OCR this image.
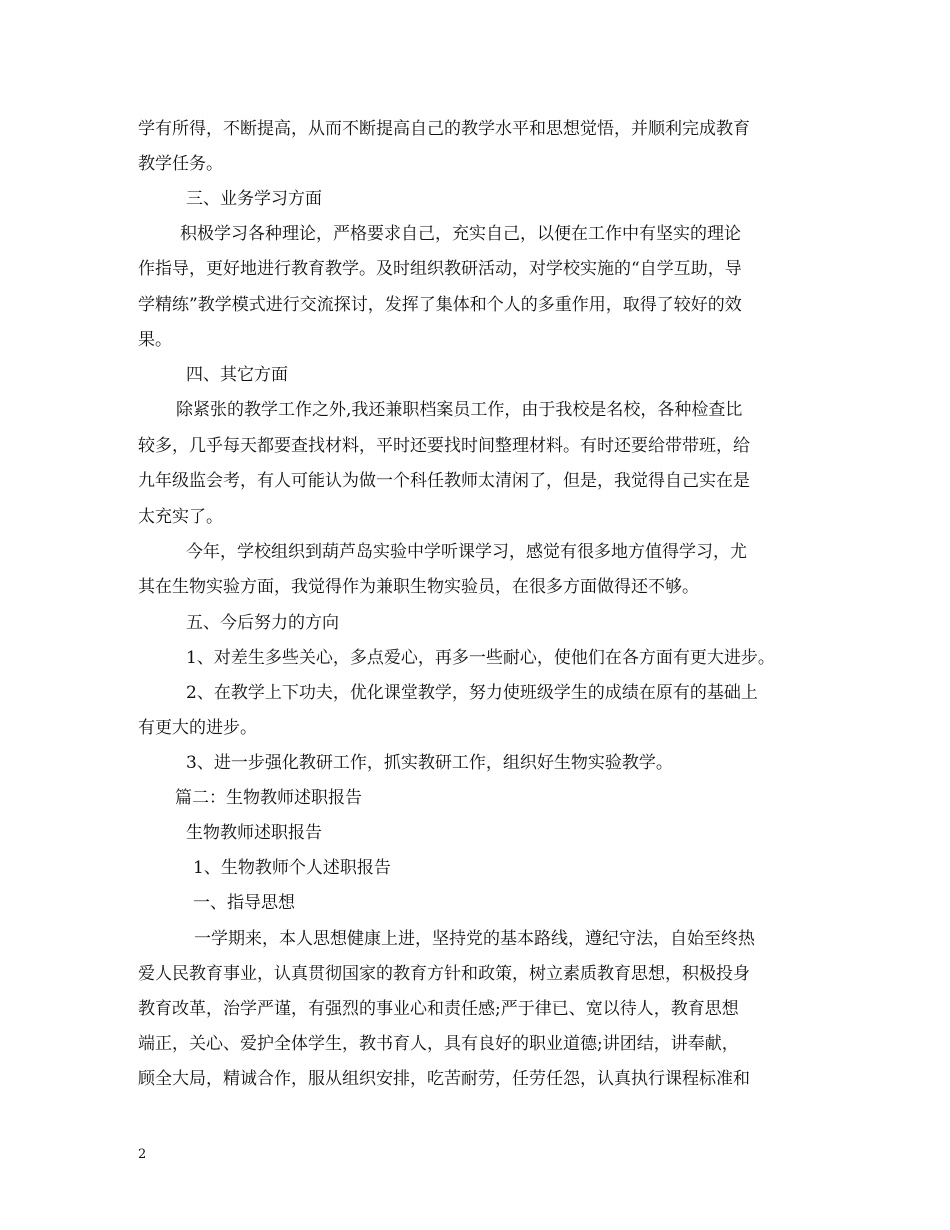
学有所得，不断提高，从而不断提高自己的教学水平和思想觉悟，并顺利完成教育
教学任务。
三、业务学习方面
积极学习各种理论，严格要求自己，充实自己，以便在工作中有坚实的理论
作指导，更好地进行教育教学。及时组织教研活动，对学校实施的“自学互助，导
学精练”教学模式进行交流探讨，发挥了集体和个人的多重作用，取得了较好的效
果。
四、其它方面
除紧张的教学工作之外,我还兼职档案员工作，由于我校是名校，各种检查比
较多，几乎每天都要查找材料，平时还要找时间整理材料。有时还要给带带班，给
九年级监会考，有人可能认为做一个科任教师太清闲了，但是，我觉得自己实在是
太充实了。
今年，学校组织到葫芦岛实验中学听课学习，感觉有很多地方值得学习，尤
其在生物实验方面，我觉得作为兼职生物实验员，在很多方面做得还不够。
五、今后努力的方向
1、对差生多些关心，多点爱心，再多一些耐心，使他们在各方面有更大进步。
2、在教学上下功夫，优化课堂教学，努力使班级学生的成绩在原有的基础上
有更大的进步。
3、进一步强化教研工作，抓实教研工作，组织好生物实验教学。
篇二：生物教师述职报告
生物教师述职报告
1、生物教师个人述职报告
一、指导思想
一学期来，本人思想健康上进，坚持党的基本路线，遵纪守法，自始至终热
爱人民教育事业，认真贯彻国家的教育方针和政策，树立素质教育思想，积极投身
教育改革，治学严谨，有强烈的事业心和责任感;严于律已、宽以待人，教育思想
端正，关心、爱护全体学生，教书育人，具有良好的职业道德;讲团结，讲奉献，
顾全大局，精诚合作，服从组织安排，吃苦耐劳，任劳任怨，认真执行课程标准和
2
